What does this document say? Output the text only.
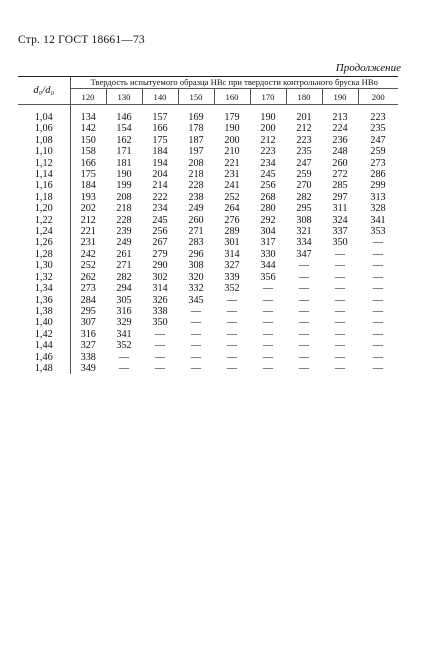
Стр. 12 ГОСТ 18661—73
Продолжение

d₀/d₀	Твердость испытуемого образца HBc при твердости контрольного бруска HBо								
	120	130	140	150	160	170	180	190	200

1,04	134	146	157	169	179	190	201	213	223
1,06	142	154	166	178	190	200	212	224	235
1,08	150	162	175	187	200	212	223	236	247
1,10	158	171	184	197	210	223	235	248	259
1,12	166	181	194	208	221	234	247	260	273
1,14	175	190	204	218	231	245	259	272	286
1,16	184	199	214	228	241	256	270	285	299
1,18	193	208	222	238	252	268	282	297	313
1,20	202	218	234	249	264	280	295	311	328
1,22	212	228	245	260	276	292	308	324	341
1,24	221	239	256	271	289	304	321	337	353
1,26	231	249	267	283	301	317	334	350	—
1,28	242	261	279	296	314	330	347	—	—
1,30	252	271	290	308	327	344	—	—	—
1,32	262	282	302	320	339	356	—	—	—
1,34	273	294	314	332	352	—	—	—	—
1,36	284	305	326	345	—	—	—	—	—
1,38	295	316	338	—	—	—	—	—	—
1,40	307	329	350	—	—	—	—	—	—
1,42	316	341	—	—	—	—	—	—	—
1,44	327	352	—	—	—	—	—	—	—
1,46	338	—	—	—	—	—	—	—	—
1,48	349	—	—	—	—	—	—	—	—
